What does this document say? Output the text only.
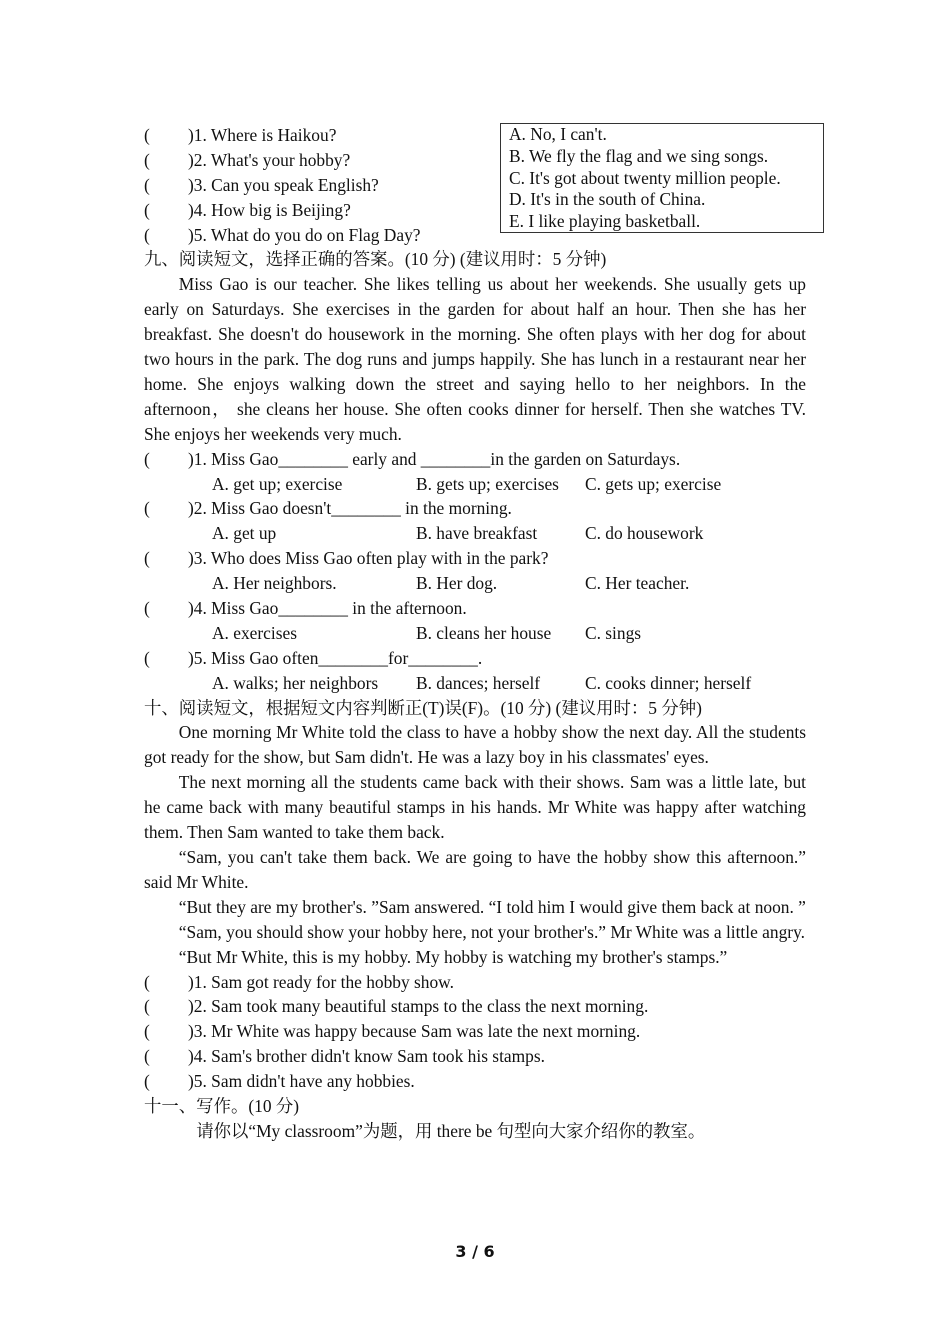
A. No, I can't.
B. We fly the flag and we sing songs.
C. It's got about twenty million people.
D. It's in the south of China.
E. I like playing basketball.
( )1. Where is Haikou?
( )2. What's your hobby?
( )3. Can you speak English?
( )4. How big is Beijing?
( )5. What do you do on Flag Day?
九、阅读短文，选择正确的答案。(10 分) (建议用时：5 分钟)
Miss Gao is our teacher. She likes telling us about her weekends. She usually gets up early on Saturdays. She exercises in the garden for about half an hour. Then she has her breakfast. She doesn't do housework in the morning. She often plays with her dog for about two hours in the park. The dog runs and jumps happily. She has lunch in a restaurant near her home. She enjoys walking down the street and saying hello to her neighbors. In the afternoon， she cleans her house. She often cooks dinner for herself. Then she watches TV. She enjoys her weekends very much.
( )1. Miss Gao________ early and ________in the garden on Saturdays.
A. get up; exercise	B. gets up; exercises C. gets up; exercise
( )2. Miss Gao doesn't________ in the morning.
A. get up	B. have breakfast	C. do housework
( )3. Who does Miss Gao often play with in the park?
A. Her neighbors.	B. Her dog.	C. Her teacher.
( )4. Miss Gao________ in the afternoon.
A. exercises	B. cleans her house C. sings
( )5. Miss Gao often________for________.
A. walks; her neighbors B. dances; herself	C. cooks dinner; herself
十、阅读短文，根据短文内容判断正(T)误(F)。(10 分) (建议用时：5 分钟)
One morning Mr White told the class to have a hobby show the next day. All the students got ready for the show, but Sam didn't. He was a lazy boy in his classmates' eyes.
The next morning all the students came back with their shows. Sam was a little late, but he came back with many beautiful stamps in his hands. Mr White was happy after watching them. Then Sam wanted to take them back.
“Sam, you can't take them back. We are going to have the hobby show this afternoon.” said Mr White.
“But they are my brother's. ”Sam answered. “I told him I would give them back at noon. ”
“Sam, you should show your hobby here, not your brother's.” Mr White was a little angry.
“But Mr White, this is my hobby. My hobby is watching my brother's stamps.”
( )1. Sam got ready for the hobby show.
( )2. Sam took many beautiful stamps to the class the next morning.
( )3. Mr White was happy because Sam was late the next morning.
( )4. Sam's brother didn't know Sam took his stamps.
( )5. Sam didn't have any hobbies.
十一、写作。(10 分)
请你以“My classroom”为题，用 there be 句型向大家介绍你的教室。
3 / 6
